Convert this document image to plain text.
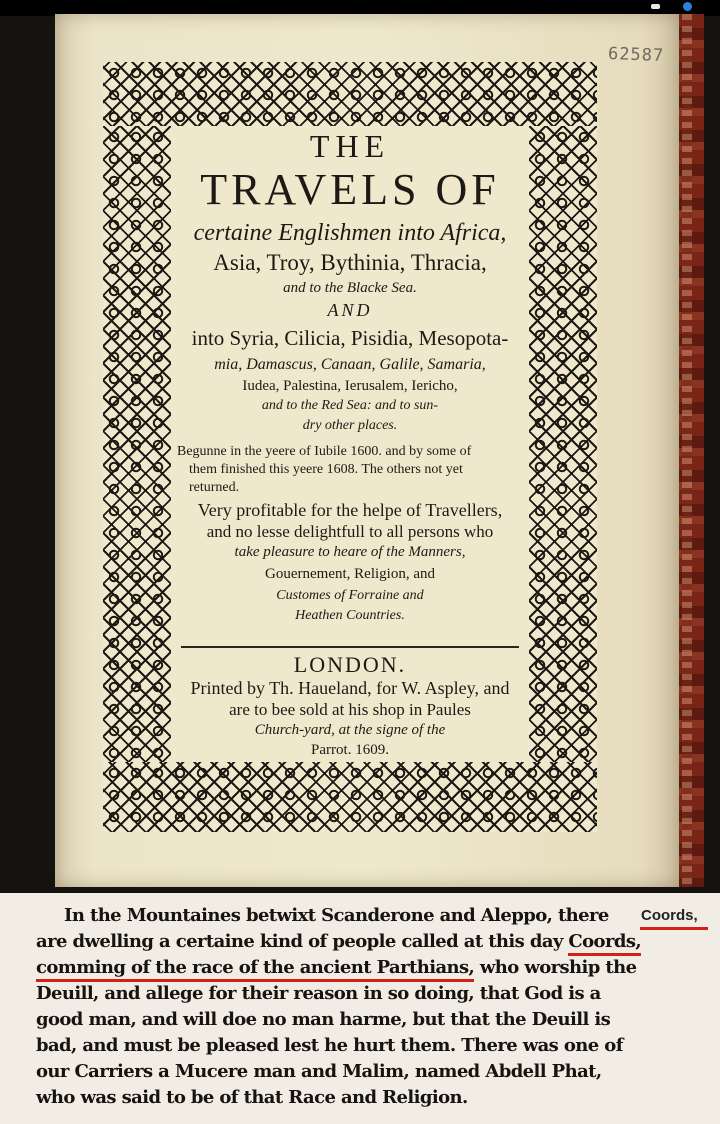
62587
THE
TRAVELS OF
certaine Englishmen into Africa,
Asia, Troy, Bythinia, Thracia,
and to the Blacke Sea.
AND
into Syria, Cilicia, Pisidia, Mesopota-
mia, Damascus, Canaan, Galile, Samaria,
Iudea, Palestina, Ierusalem, Iericho,
and to the Red Sea: and to sun-
dry other places.
Begunne in the yeere of Iubile 1600. and by some of
them finished this yeere 1608. The others not yet
returned.
Very profitable for the helpe of Travellers,
and no lesse delightfull to all persons who
take pleasure to heare of the Manners,
Gouernement, Religion, and
Customes of Forraine and
Heathen Countries.
LONDON.
Printed by Th. Haueland, for W. Aspley, and
are to bee sold at his shop in Paules
Church-yard, at the signe of the
Parrot. 1609.
In the Mountaines betwixt Scanderone and Aleppo, there
are dwelling a certaine kind of people called at this day Coords,
comming of the race of the ancient Parthians, who worship the
Deuill, and allege for their reason in so doing, that God is a
good man, and will doe no man harme, but that the Deuill is
bad, and must be pleased lest he hurt them. There was one of
our Carriers a Mucere man and Malim, named Abdell Phat,
who was said to be of that Race and Religion.
Coords,
